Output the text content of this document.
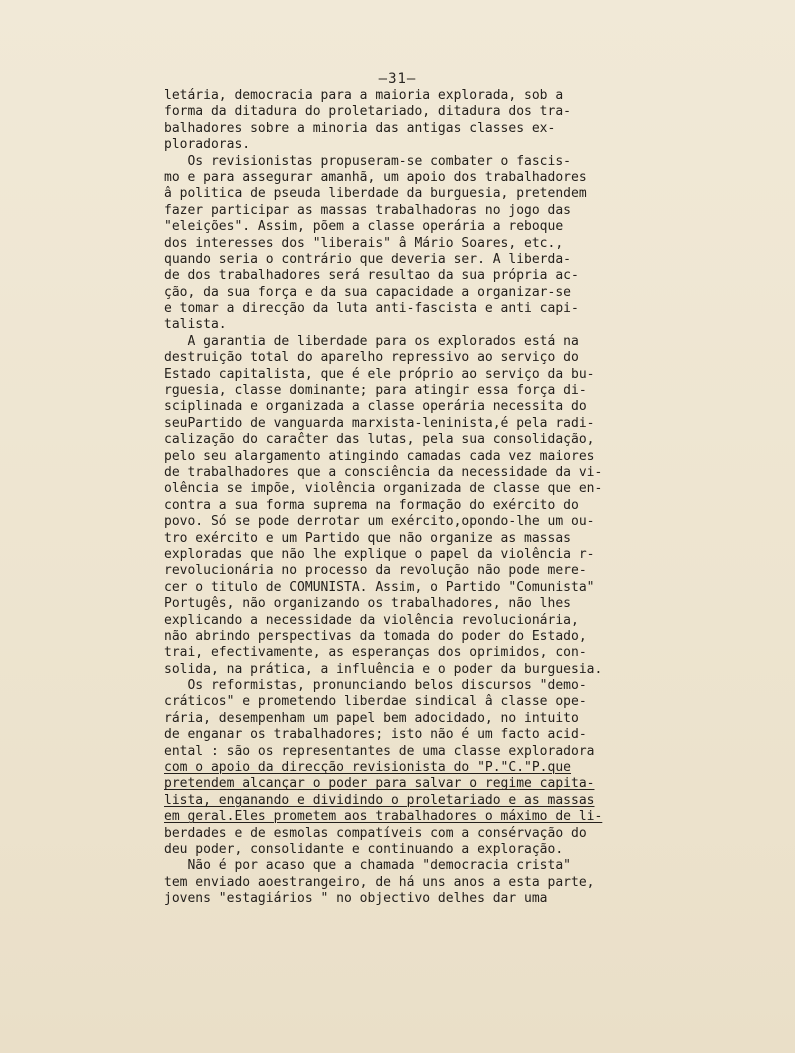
—31—
letária, democracia para a maioria explorada, sob a
forma da ditadura do proletariado, ditadura dos tra-
balhadores sobre a minoria das antigas classes ex-
ploradoras.
Os revisionistas propuseram-se combater o fascis-
mo e para assegurar amanhã, um apoio dos trabalhadores
â politica de pseuda liberdade da burguesia, pretendem
fazer participar as massas trabalhadoras no jogo das
"eleições". Assim, põem a classe operária a reboque
dos interesses dos "liberais" â Mário Soares, etc.,
quando seria o contrário que deveria ser. A liberda-
de dos trabalhadores será resultao da sua própria ac-
ção, da sua força e da sua capacidade a organizar-se
e tomar a direcção da luta anti-fascista e anti capi-
talista.
A garantia de liberdade para os explorados está na
destruição total do aparelho repressivo ao serviço do
Estado capitalista, que é ele próprio ao serviço da bu-
rguesia, classe dominante; para atingir essa força di-
sciplinada e organizada a classe operária necessita do
seuPartido de vanguarda marxista-leninista,é pela radi-
calização do caraĉter das lutas, pela sua consolidação,
pelo seu alargamento atingindo camadas cada vez maiores
de trabalhadores que a consciência da necessidade da vi-
olência se impõe, violência organizada de classe que en-
contra a sua forma suprema na formação do exército do
povo. Só se pode derrotar um exército,opondo-lhe um ou-
tro exército e um Partido que não organize as massas
exploradas que não lhe explique o papel da violência r-
revolucionária no processo da revolução não pode mere-
cer o titulo de COMUNISTA. Assim, o Partido "Comunista"
Portugês, não organizando os trabalhadores, não lhes
explicando a necessidade da violência revolucionária,
não abrindo perspectivas da tomada do poder do Estado,
trai, efectivamente, as esperanças dos oprimidos, con-
solida, na prática, a influência e o poder da burguesia.
Os reformistas, pronunciando belos discursos "demo-
cráticos" e prometendo liberdae sindical â classe ope-
rária, desempenham um papel bem adocidado, no intuito
de enganar os trabalhadores; isto não é um facto acid-
ental : são os representantes de uma classe exploradora
com o apoio da direcção revisionista do "P."C."P.que
pretendem alcançar o poder para salvar o regime capita-
lista, enganando e dividindo o proletariado e as massas
em geral.Eles prometem aos trabalhadores o máximo de li-
berdades e de esmolas compatíveis com a consérvação do
deu poder, consolidante e continuando a exploração.
Não é por acaso que a chamada "democracia crista"
tem enviado aoestrangeiro, de há uns anos a esta parte,
jovens "estagiários " no objectivo delhes dar uma
